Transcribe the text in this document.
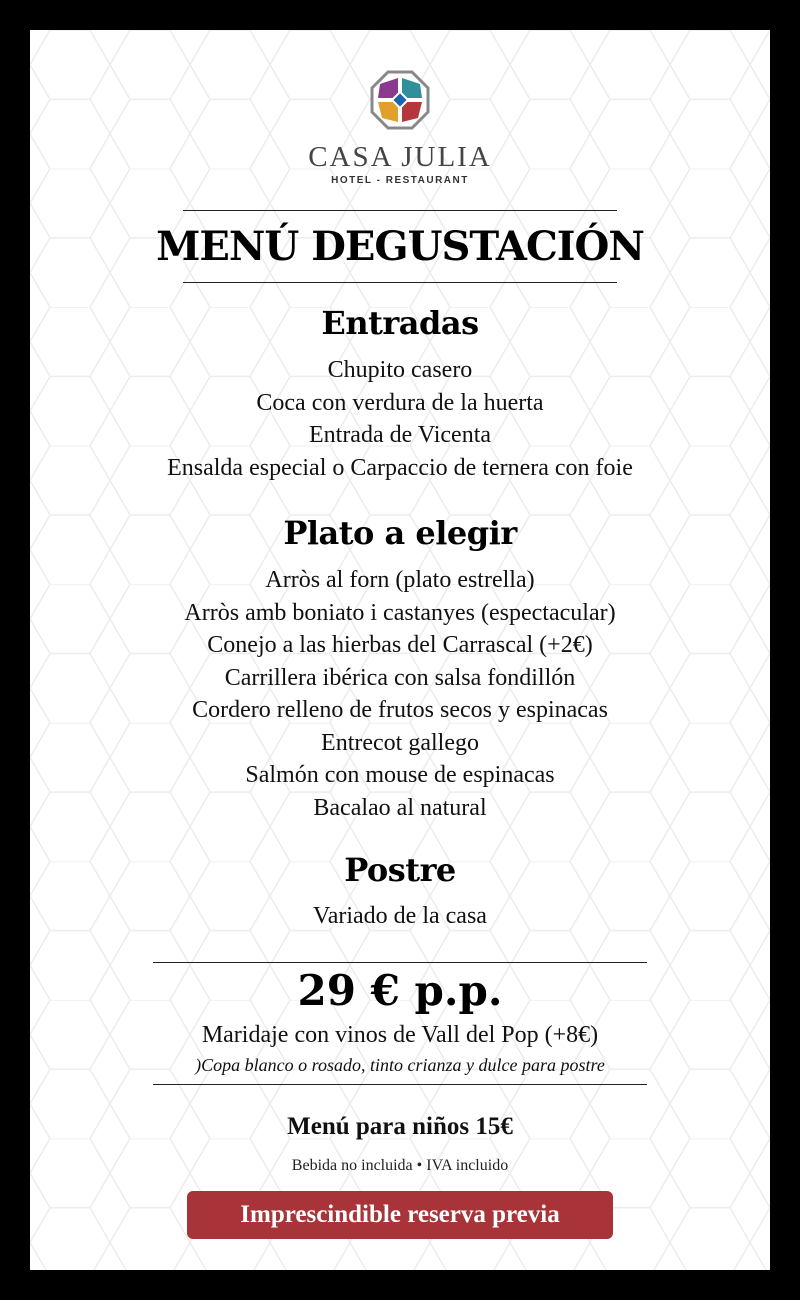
CASA JULIA
HOTEL - RESTAURANT
MENÚ DEGUSTACIÓN
Entradas
Chupito casero
Coca con verdura de la huerta
Entrada de Vicenta
Ensalda especial o Carpaccio de ternera con foie
Plato a elegir
Arròs al forn (plato estrella)
Arròs amb boniato i castanyes (espectacular)
Conejo a las hierbas del Carrascal (+2€)
Carrillera ibérica con salsa fondillón
Cordero relleno de frutos secos y espinacas
Entrecot gallego
Salmón con mouse de espinacas
Bacalao al natural
Postre
Variado de la casa
29 € p.p.
Maridaje con vinos de Vall del Pop (+8€)
)Copa blanco o rosado, tinto crianza y dulce para postre
Menú para niños 15€
Bebida no incluida • IVA incluido
Imprescindible reserva previa
